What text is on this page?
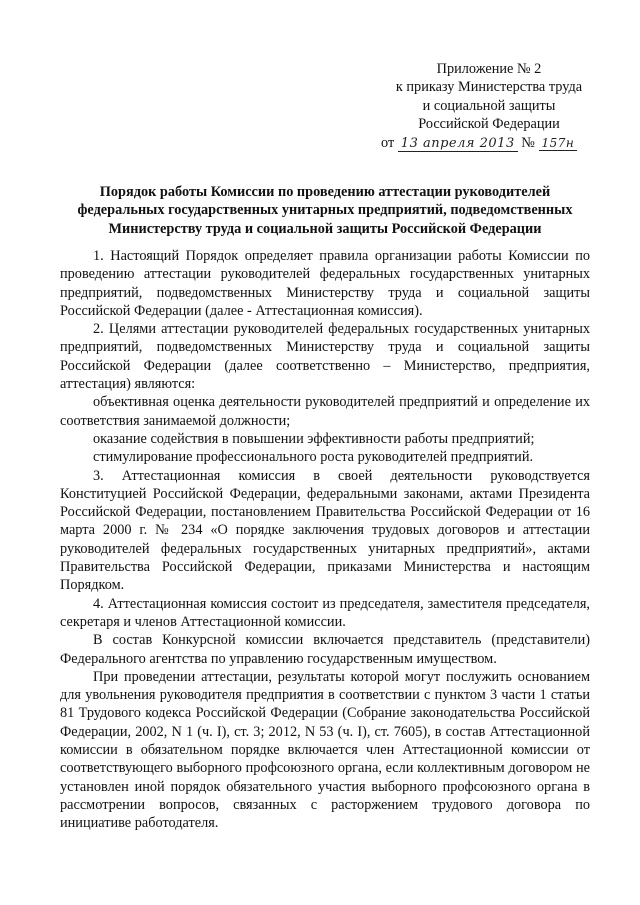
Приложение № 2
к приказу Министерства труда
и социальной защиты
Российской Федерации
от 13 апреля 2013 № 157н
Порядок работы Комиссии по проведению аттестации руководителей
федеральных государственных унитарных предприятий, подведомственных
Министерству труда и социальной защиты Российской Федерации

1. Настоящий Порядок определяет правила организации работы Комиссии по проведению аттестации руководителей федеральных государственных унитарных предприятий, подведомственных Министерству труда и социальной защиты Российской Федерации (далее - Аттестационная комиссия).

2. Целями аттестации руководителей федеральных государственных унитарных предприятий, подведомственных Министерству труда и социальной защиты Российской Федерации (далее соответственно – Министерство, предприятия, аттестация) являются:

объективная оценка деятельности руководителей предприятий и определение их соответствия занимаемой должности;

оказание содействия в повышении эффективности работы предприятий;

стимулирование профессионального роста руководителей предприятий.

3. Аттестационная комиссия в своей деятельности руководствуется Конституцией Российской Федерации, федеральными законами, актами Президента Российской Федерации, постановлением Правительства Российской Федерации от 16 марта 2000 г. № 234 «О порядке заключения трудовых договоров и аттестации руководителей федеральных государственных унитарных предприятий», актами Правительства Российской Федерации, приказами Министерства и настоящим Порядком.

4. Аттестационная комиссия состоит из председателя, заместителя председателя, секретаря и членов Аттестационной комиссии.

В состав Конкурсной комиссии включается представитель (представители) Федерального агентства по управлению государственным имуществом.

При проведении аттестации, результаты которой могут послужить основанием для увольнения руководителя предприятия в соответствии с пунктом 3 части 1 статьи 81 Трудового кодекса Российской Федерации (Собрание законодательства Российской Федерации, 2002, N 1 (ч. I), ст. 3; 2012, N 53 (ч. I), ст. 7605), в состав Аттестационной комиссии в обязательном порядке включается член Аттестационной комиссии от соответствующего выборного профсоюзного органа, если коллективным договором не установлен иной порядок обязательного участия выборного профсоюзного органа в рассмотрении вопросов, связанных с расторжением трудового договора по инициативе работодателя.
